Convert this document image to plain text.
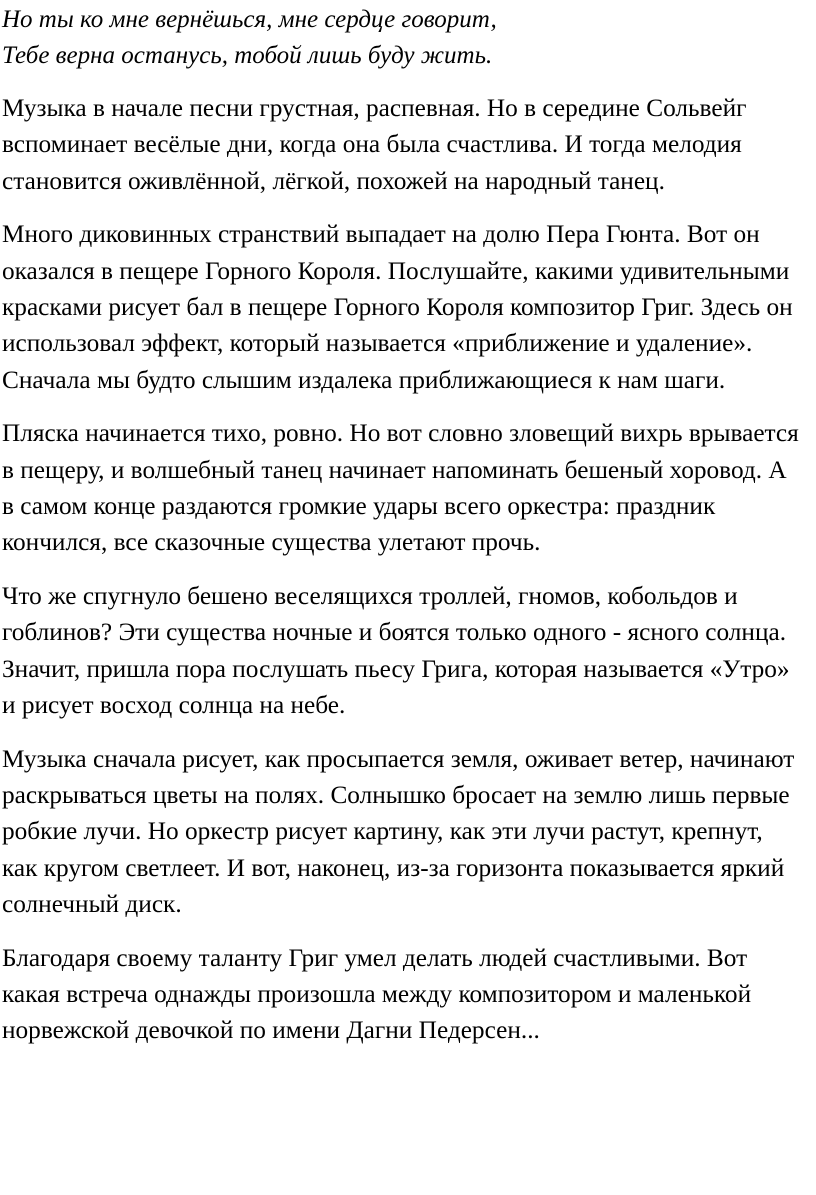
Но ты ко мне вернёшься, мне сердце говорит,
Тебе верна останусь, тобой лишь буду жить.

Музыка в начале песни грустная, распевная. Но в середине Сольвейг вспоминает весёлые дни, когда она была счастлива. И тогда мелодия становится оживлённой, лёгкой, похожей на народный танец.

Много диковинных странствий выпадает на долю Пера Гюнта. Вот он оказался в пещере Горного Короля. Послушайте, какими удивительными красками рисует бал в пещере Горного Короля композитор Григ. Здесь он использовал эффект, который называется «приближение и удаление». Сначала мы будто слышим издалека приближающиеся к нам шаги.

Пляска начинается тихо, ровно. Но вот словно зловещий вихрь врывается в пещеру, и волшебный танец начинает напоминать бешеный хоровод. А в самом конце раздаются громкие удары всего оркестра: праздник кончился, все сказочные существа улетают прочь.

Что же спугнуло бешено веселящихся троллей, гномов, кобольдов и гоблинов? Эти существа ночные и боятся только одного - ясного солнца. Значит, пришла пора послушать пьесу Грига, которая называется «Утро» и рисует восход солнца на небе.

Музыка сначала рисует, как просыпается земля, оживает ветер, начинают раскрываться цветы на полях. Солнышко бросает на землю лишь первые робкие лучи. Но оркестр рисует картину, как эти лучи растут, крепнут, как кругом светлеет. И вот, наконец, из-за горизонта показывается яркий солнечный диск.

Благодаря своему таланту Григ умел делать людей счастливыми. Вот какая встреча однажды произошла между композитором и маленькой норвежской девочкой по имени Дагни Педерсен...
